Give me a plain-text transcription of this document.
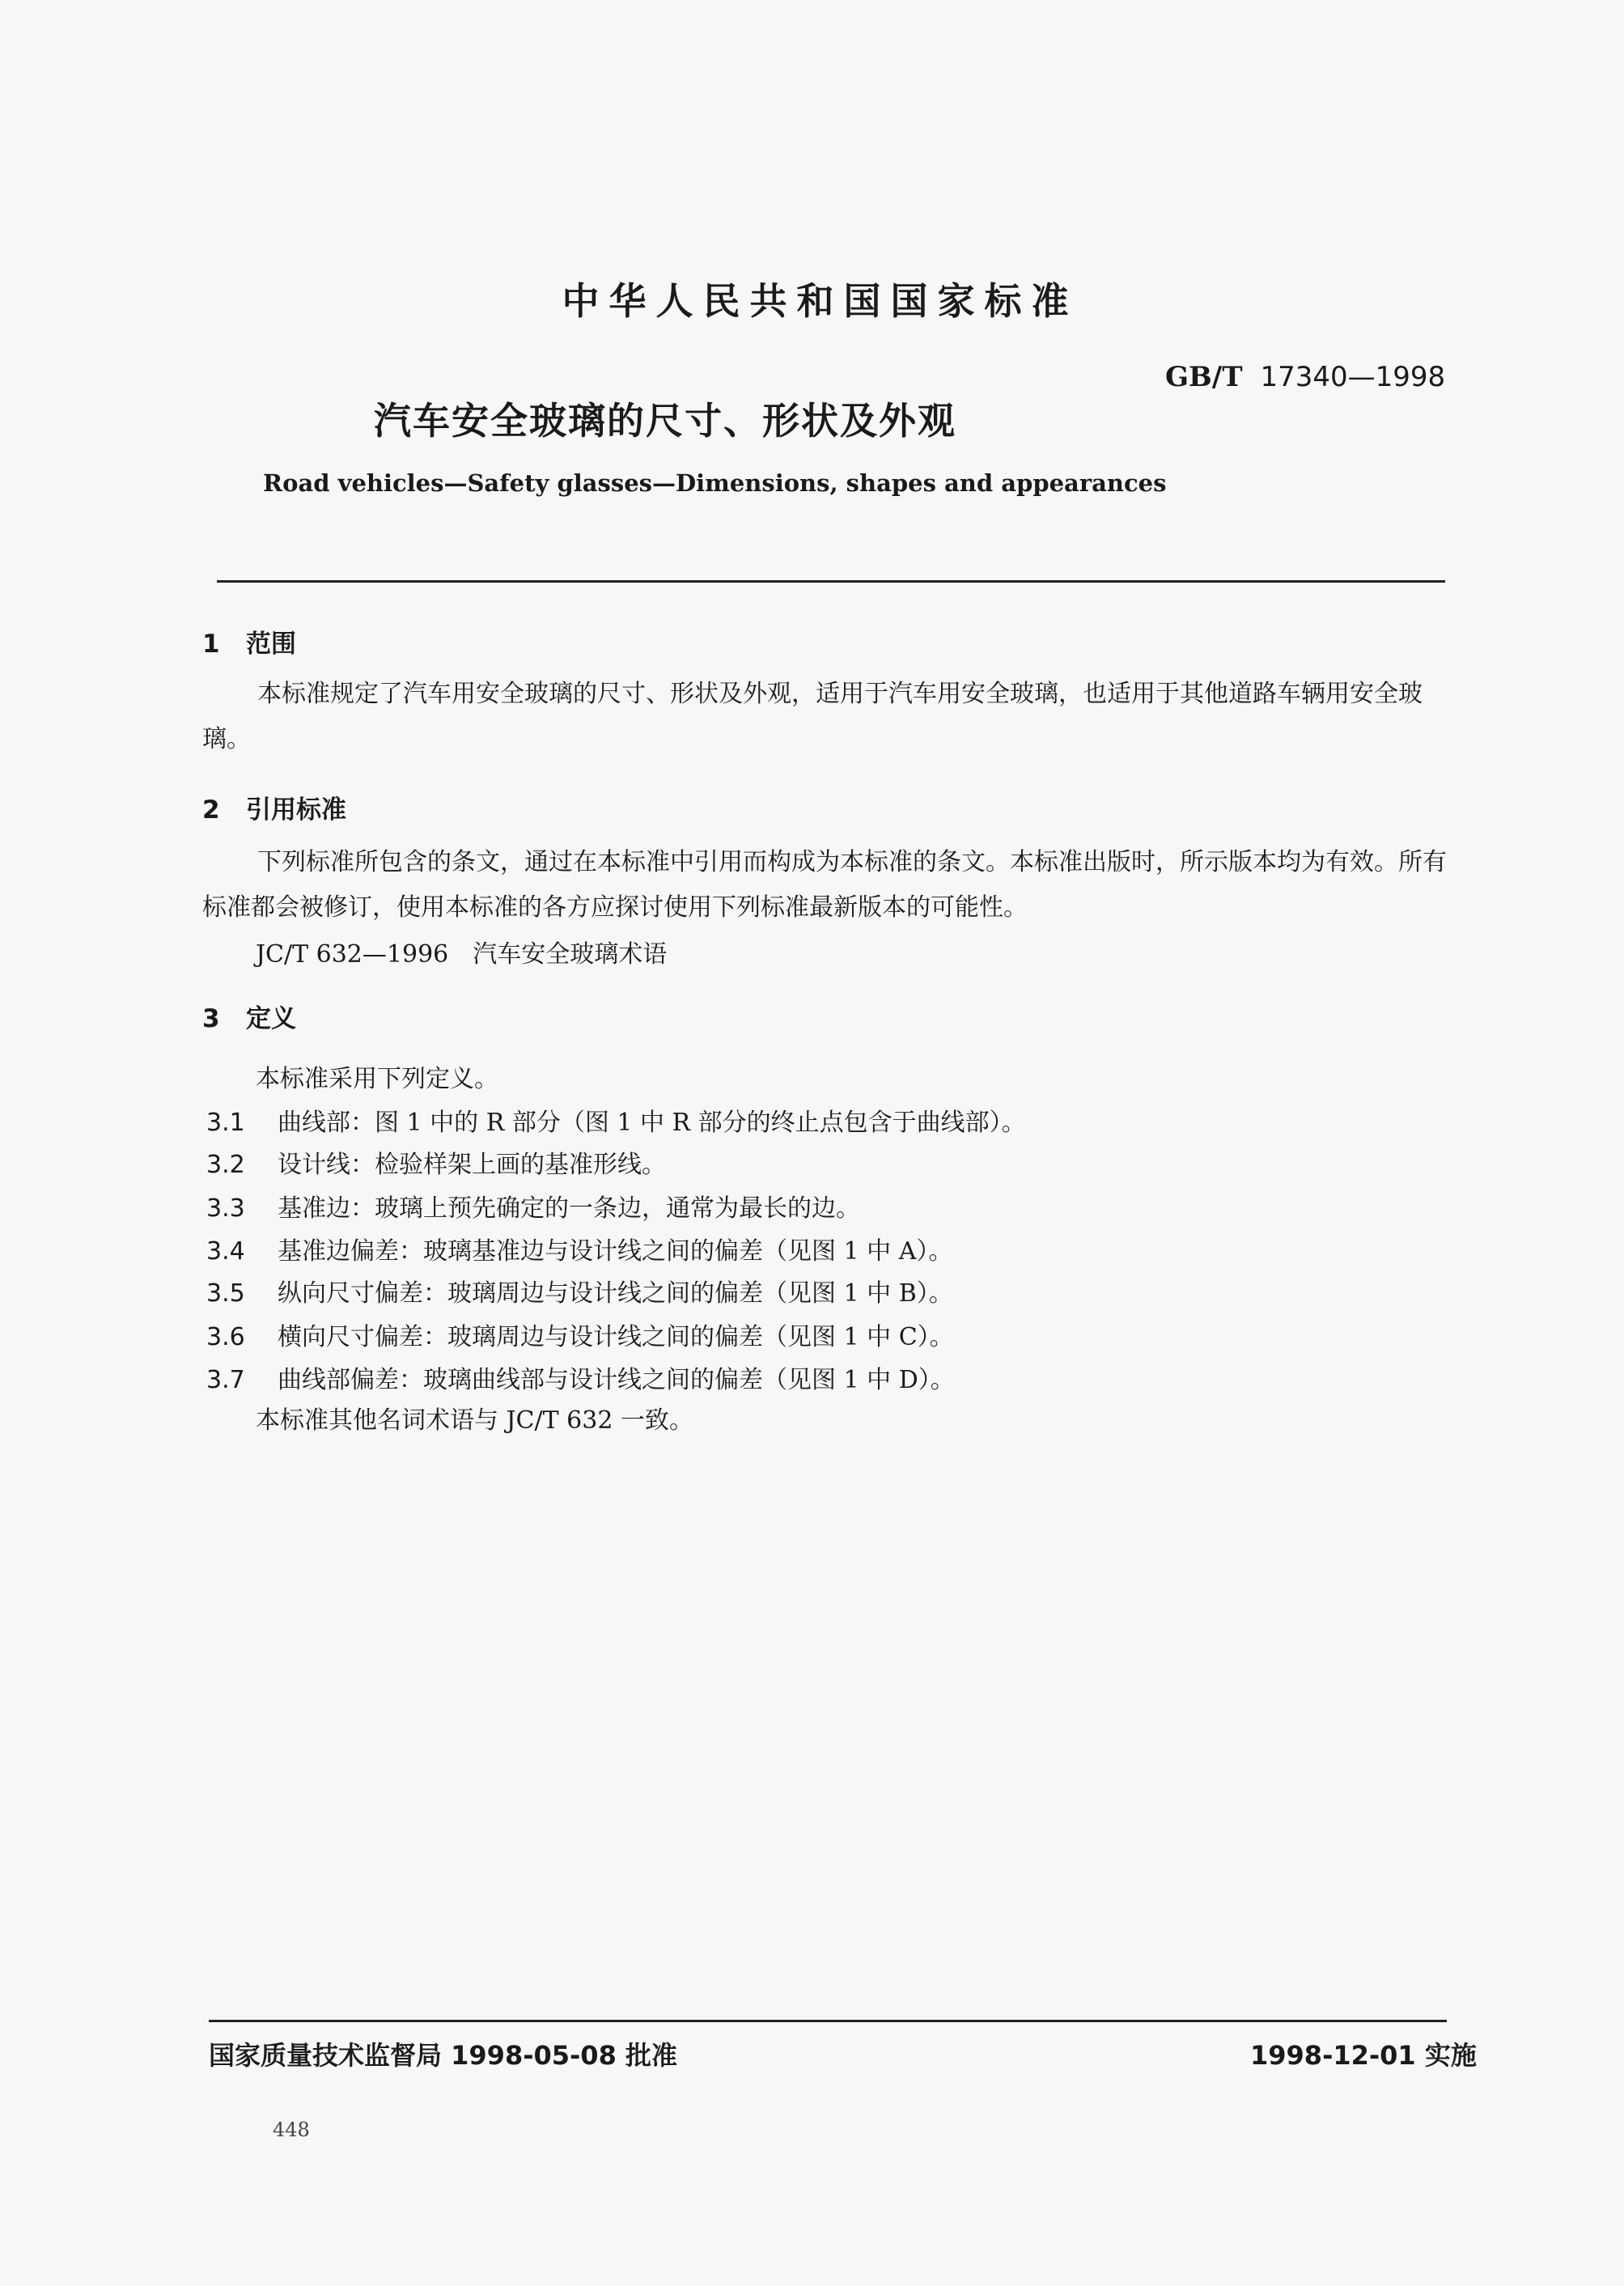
中华人民共和国国家标准
GB/T 17340—1998
汽车安全玻璃的尺寸、形状及外观
Road vehicles—Safety glasses—Dimensions, shapes and appearances
1 范围
本标准规定了汽车用安全玻璃的尺寸、形状及外观，适用于汽车用安全玻璃，也适用于其他道路车辆用安全玻璃。
2 引用标准
下列标准所包含的条文，通过在本标准中引用而构成为本标准的条文。本标准出版时，所示版本均为有效。所有标准都会被修订，使用本标准的各方应探讨使用下列标准最新版本的可能性。
JC/T 632—1996　汽车安全玻璃术语
3 定义
本标准采用下列定义。
3.1 曲线部：图 1 中的 R 部分（图 1 中 R 部分的终止点包含于曲线部）。
3.2 设计线：检验样架上画的基准形线。
3.3 基准边：玻璃上预先确定的一条边，通常为最长的边。
3.4 基准边偏差：玻璃基准边与设计线之间的偏差（见图 1 中 A）。
3.5 纵向尺寸偏差：玻璃周边与设计线之间的偏差（见图 1 中 B）。
3.6 横向尺寸偏差：玻璃周边与设计线之间的偏差（见图 1 中 C）。
3.7 曲线部偏差：玻璃曲线部与设计线之间的偏差（见图 1 中 D）。
本标准其他名词术语与 JC/T 632 一致。
国家质量技术监督局 1998-05-08 批准	1998-12-01 实施
448
